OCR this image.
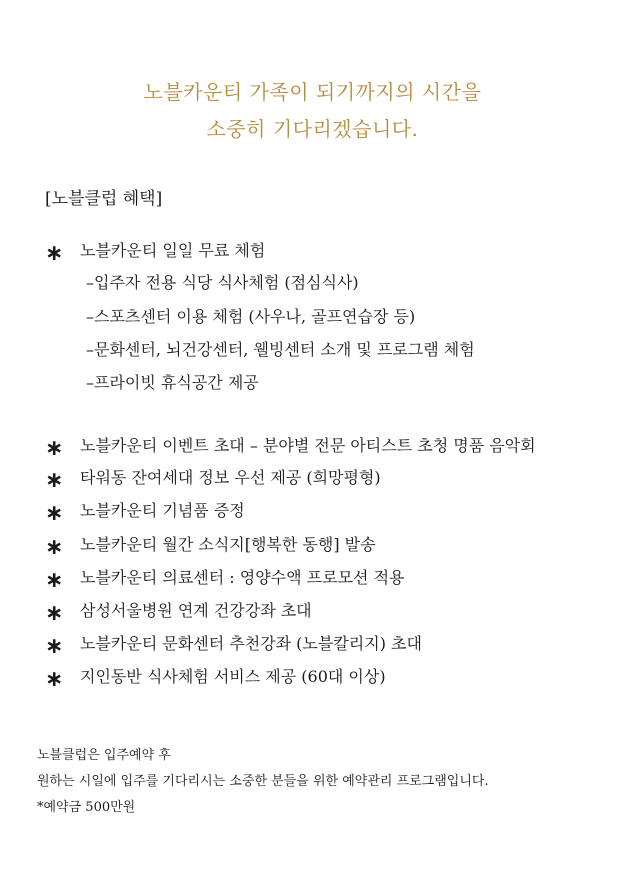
노블카운티 가족이 되기까지의 시간을
소중히 기다리겠습니다.
[노블클럽 혜택]
∗ 노블카운티 일일 무료 체험
–입주자 전용 식당 식사체험 (점심식사)
–스포츠센터 이용 체험 (사우나, 골프연습장 등)
–문화센터, 뇌건강센터, 웰빙센터 소개 및 프로그램 체험
–프라이빗 휴식공간 제공
∗ 노블카운티 이벤트 초대 – 분야별 전문 아티스트 초청 명품 음악회
∗ 타워동 잔여세대 정보 우선 제공 (희망평형)
∗ 노블카운티 기념품 증정
∗ 노블카운티 월간 소식지[행복한 동행] 발송
∗ 노블카운티 의료센터 : 영양수액 프로모션 적용
∗ 삼성서울병원 연계 건강강좌 초대
∗ 노블카운티 문화센터 추천강좌 (노블칼리지) 초대
∗ 지인동반 식사체험 서비스 제공 (60대 이상)
노블클럽은 입주예약 후
원하는 시일에 입주를 기다리시는 소중한 분들을 위한 예약관리 프로그램입니다.
*예약금 500만원
